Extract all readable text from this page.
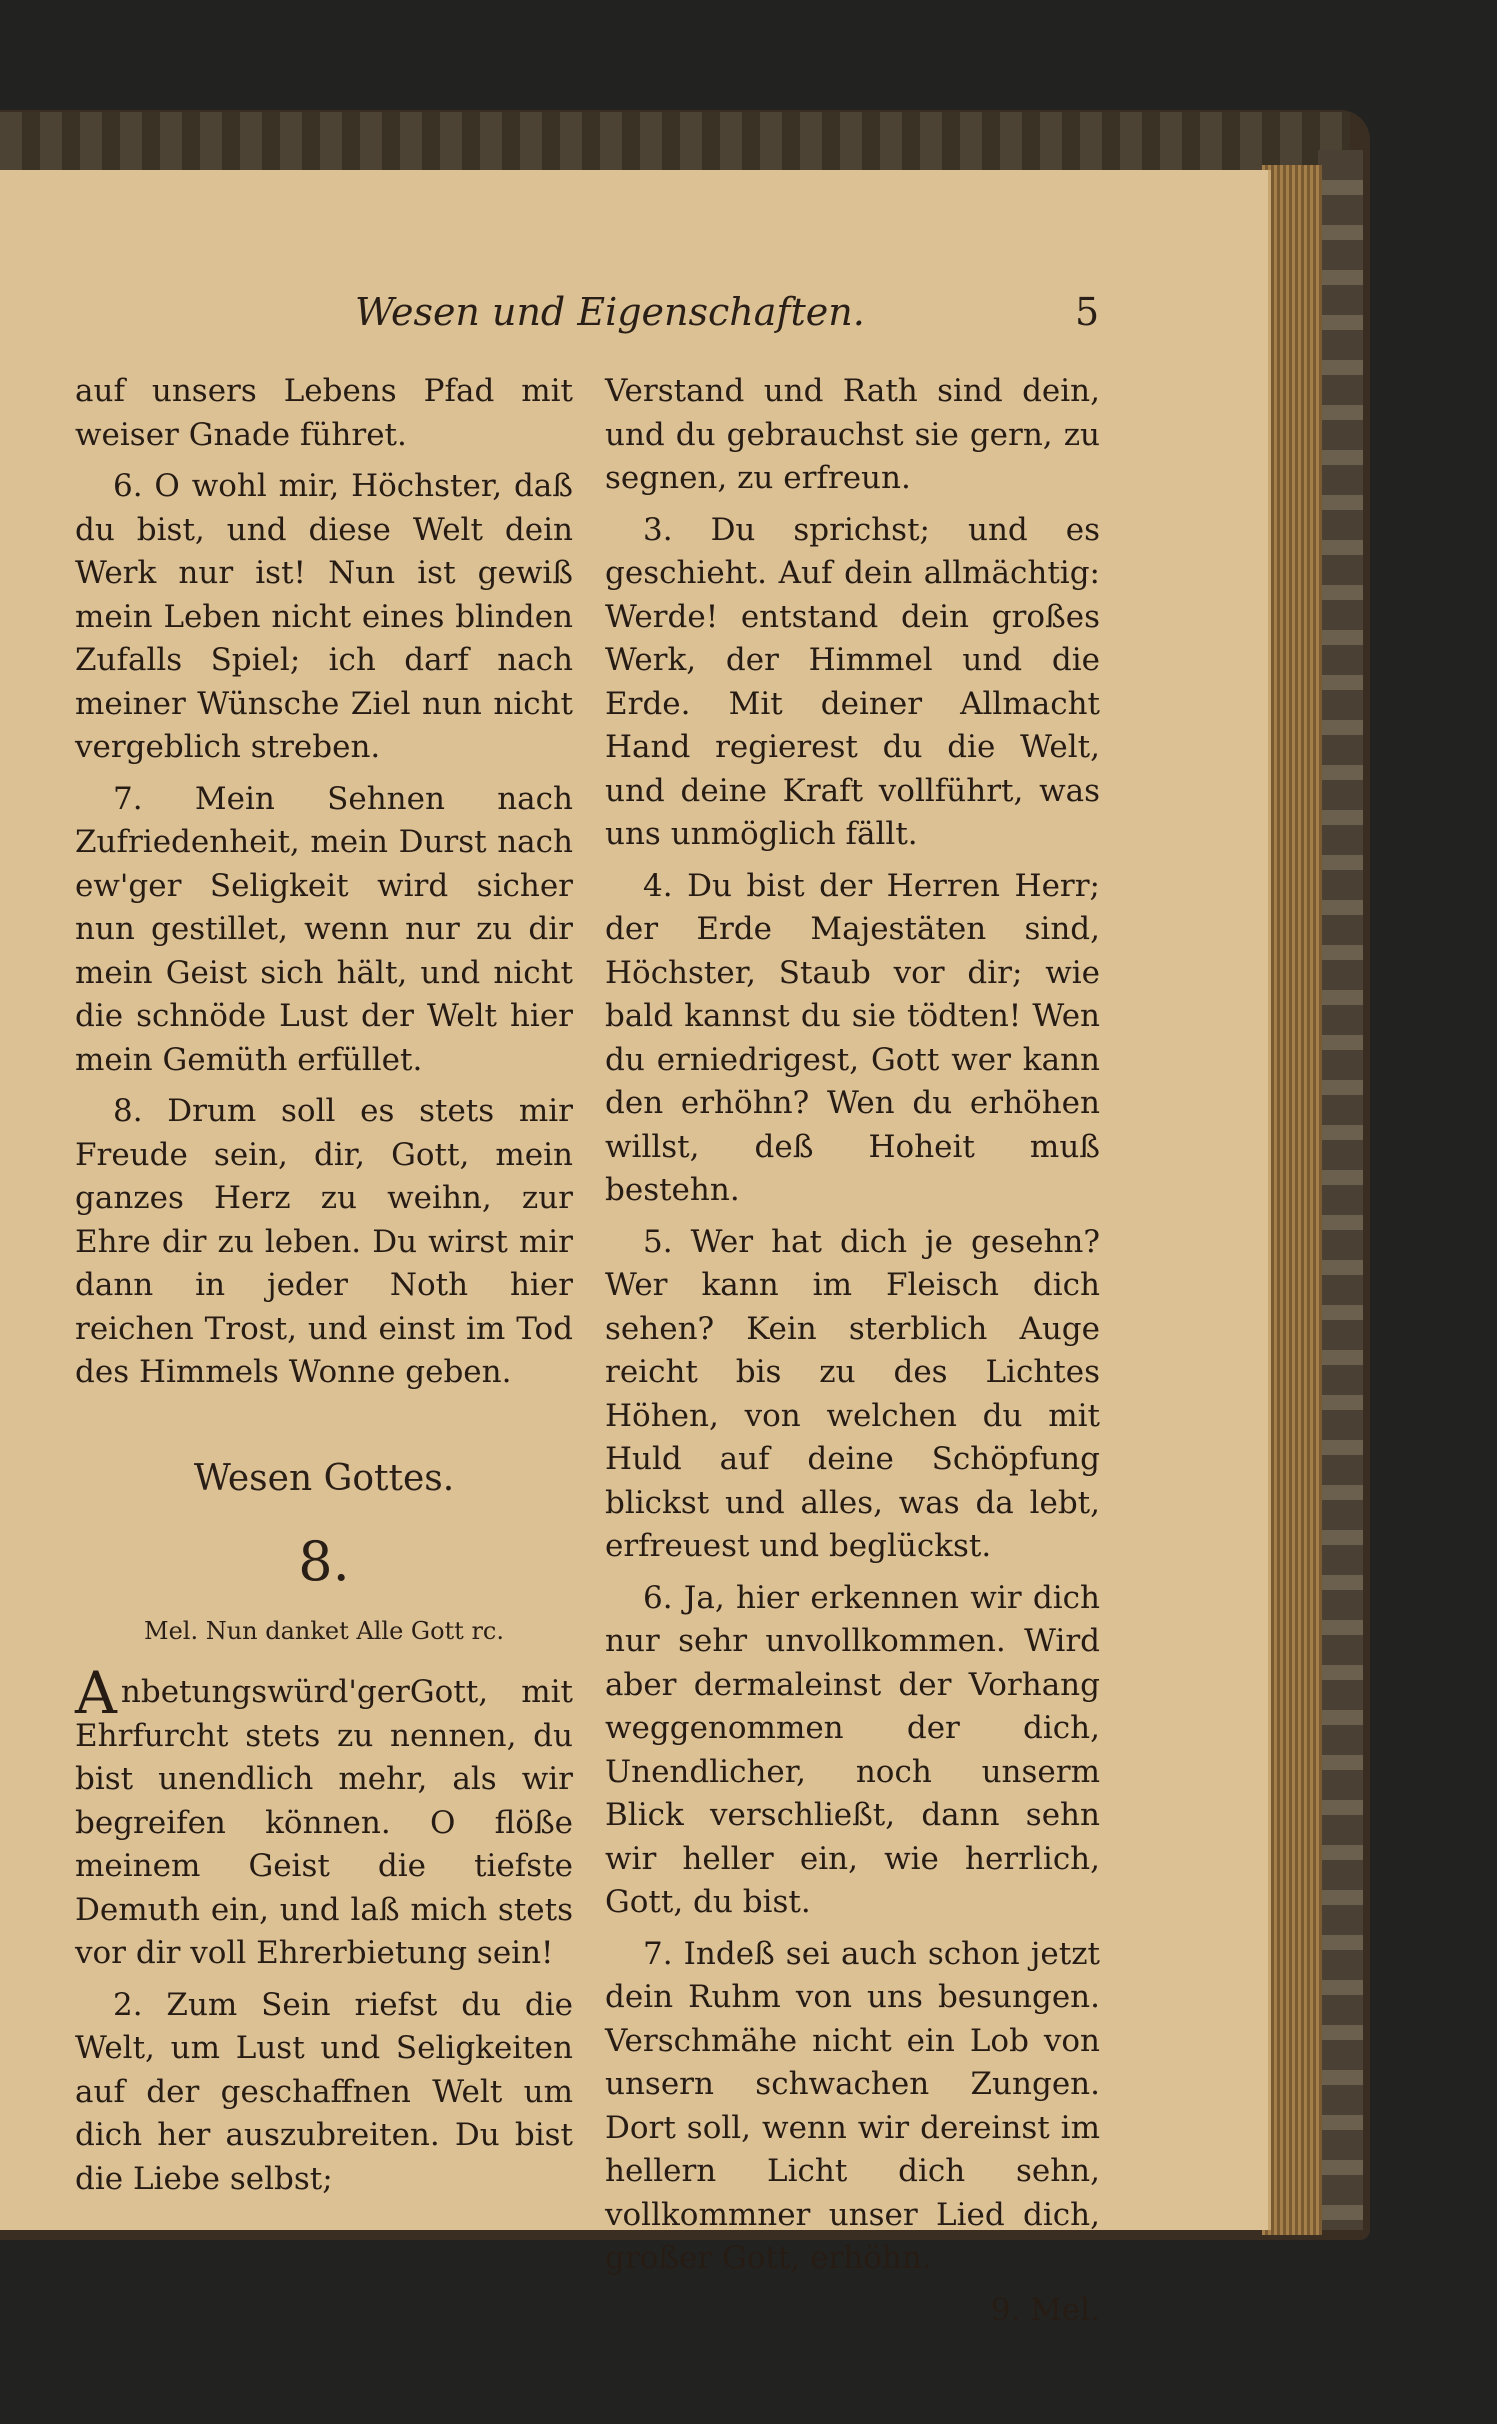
Wesen und Eigenschaften.	5

auf unsers Lebens Pfad mit weiser Gnade führet.

6. O wohl mir, Höchster, daß du bist, und diese Welt dein Werk nur ist! Nun ist gewiß mein Leben nicht eines blinden Zufalls Spiel; ich darf nach meiner Wünsche Ziel nun nicht vergeblich streben.

7. Mein Sehnen nach Zufriedenheit, mein Durst nach ew'ger Seligkeit wird sicher nun gestillet, wenn nur zu dir mein Geist sich hält, und nicht die schnöde Lust der Welt hier mein Gemüth erfüllet.

8. Drum soll es stets mir Freude sein, dir, Gott, mein ganzes Herz zu weihn, zur Ehre dir zu leben. Du wirst mir dann in jeder Noth hier reichen Trost, und einst im Tod des Himmels Wonne geben.

Wesen Gottes.
8.
Mel. Nun danket Alle Gott rc.

Anbetungswürd'gerGott, mit Ehrfurcht stets zu nennen, du bist unendlich mehr, als wir begreifen können. O flöße meinem Geist die tiefste Demuth ein, und laß mich stets vor dir voll Ehrerbietung sein!

2. Zum Sein riefst du die Welt, um Lust und Seligkeiten auf der geschaffnen Welt um dich her auszubreiten. Du bist die Liebe selbst;

Verstand und Rath sind dein, und du gebrauchst sie gern, zu segnen, zu erfreun.

3. Du sprichst; und es geschieht. Auf dein allmächtig: Werde! entstand dein großes Werk, der Himmel und die Erde. Mit deiner Allmacht Hand regierest du die Welt, und deine Kraft vollführt, was uns unmöglich fällt.

4. Du bist der Herren Herr; der Erde Majestäten sind, Höchster, Staub vor dir; wie bald kannst du sie tödten! Wen du erniedrigest, Gott wer kann den erhöhn? Wen du erhöhen willst, deß Hoheit muß bestehn.

5. Wer hat dich je gesehn? Wer kann im Fleisch dich sehen? Kein sterblich Auge reicht bis zu des Lichtes Höhen, von welchen du mit Huld auf deine Schöpfung blickst und alles, was da lebt, erfreuest und beglückst.

6. Ja, hier erkennen wir dich nur sehr unvollkommen. Wird aber dermaleinst der Vorhang weggenommen der dich, Unendlicher, noch unserm Blick verschließt, dann sehn wir heller ein, wie herrlich, Gott, du bist.

7. Indeß sei auch schon jetzt dein Ruhm von uns besungen. Verschmähe nicht ein Lob von unsern schwachen Zungen. Dort soll, wenn wir dereinst im hellern Licht dich sehn, vollkommner unser Lied dich, großer Gott, erhöhn.

9. Mel.
